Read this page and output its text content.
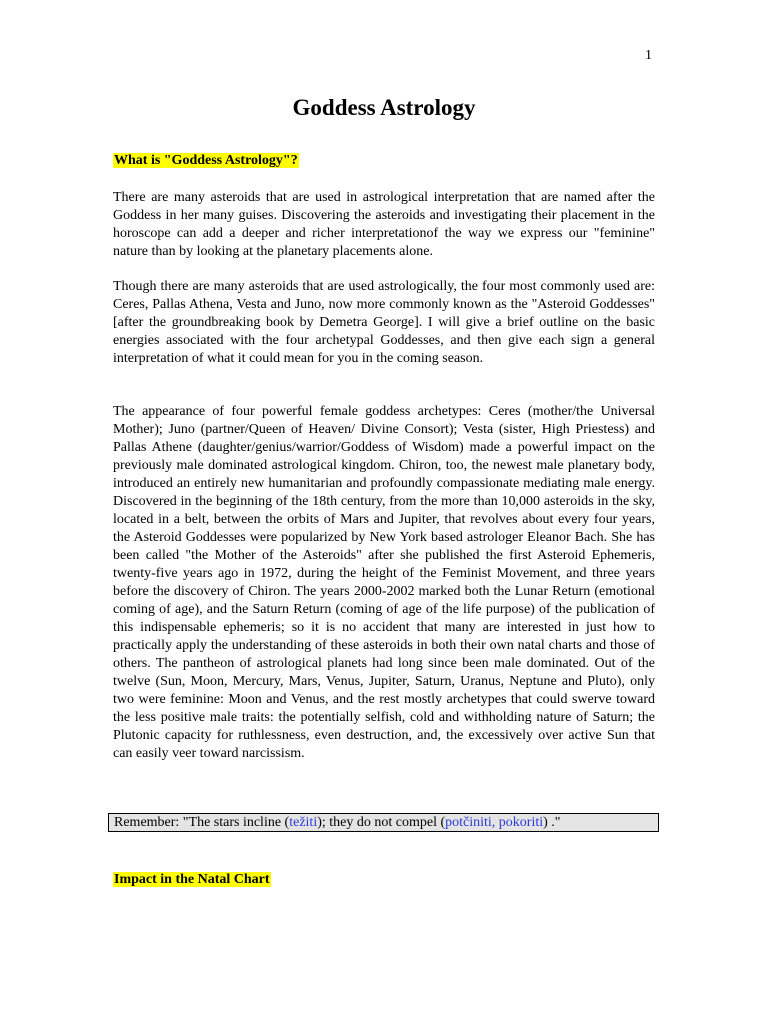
1
Goddess Astrology
What is "Goddess Astrology"?

There are many asteroids that are used in astrological interpretation that are named after the Goddess in her many guises. Discovering the asteroids and investigating their placement in the horoscope can add a deeper and richer interpretationof the way we express our "feminine" nature than by looking at the planetary placements alone.

Though there are many asteroids that are used astrologically, the four most commonly used are: Ceres, Pallas Athena, Vesta and Juno, now more commonly known as the "Asteroid Goddesses" [after the groundbreaking book by Demetra George]. I will give a brief outline on the basic energies associated with the four archetypal Goddesses, and then give each sign a general interpretation of what it could mean for you in the coming season.

The appearance of four powerful female goddess archetypes: Ceres (mother/the Universal Mother); Juno (partner/Queen of Heaven/ Divine Consort); Vesta (sister, High Priestess) and Pallas Athene (daughter/genius/warrior/Goddess of Wisdom) made a powerful impact on the previously male dominated astrological kingdom. Chiron, too, the newest male planetary body, introduced an entirely new humanitarian and profoundly compassionate mediating male energy. Discovered in the beginning of the 18th century, from the more than 10,000 asteroids in the sky, located in a belt, between the orbits of Mars and Jupiter, that revolves about every four years, the Asteroid Goddesses were popularized by New York based astrologer Eleanor Bach. She has been called "the Mother of the Asteroids" after she published the first Asteroid Ephemeris, twenty-five years ago in 1972, during the height of the Feminist Movement, and three years before the discovery of Chiron. The years 2000-2002 marked both the Lunar Return (emotional coming of age), and the Saturn Return (coming of age of the life purpose) of the publication of this indispensable ephemeris; so it is no accident that many are interested in just how to practically apply the understanding of these asteroids in both their own natal charts and those of others. The pantheon of astrological planets had long since been male dominated. Out of the twelve (Sun, Moon, Mercury, Mars, Venus, Jupiter, Saturn, Uranus, Neptune and Pluto), only two were feminine: Moon and Venus, and the rest mostly archetypes that could swerve toward the less positive male traits: the potentially selfish, cold and withholding nature of Saturn; the Plutonic capacity for ruthlessness, even destruction, and, the excessively over active Sun that can easily veer toward narcissism.

Remember: "The stars incline (težiti); they do not compel (potčiniti, pokoriti) ."
Impact in the Natal Chart
